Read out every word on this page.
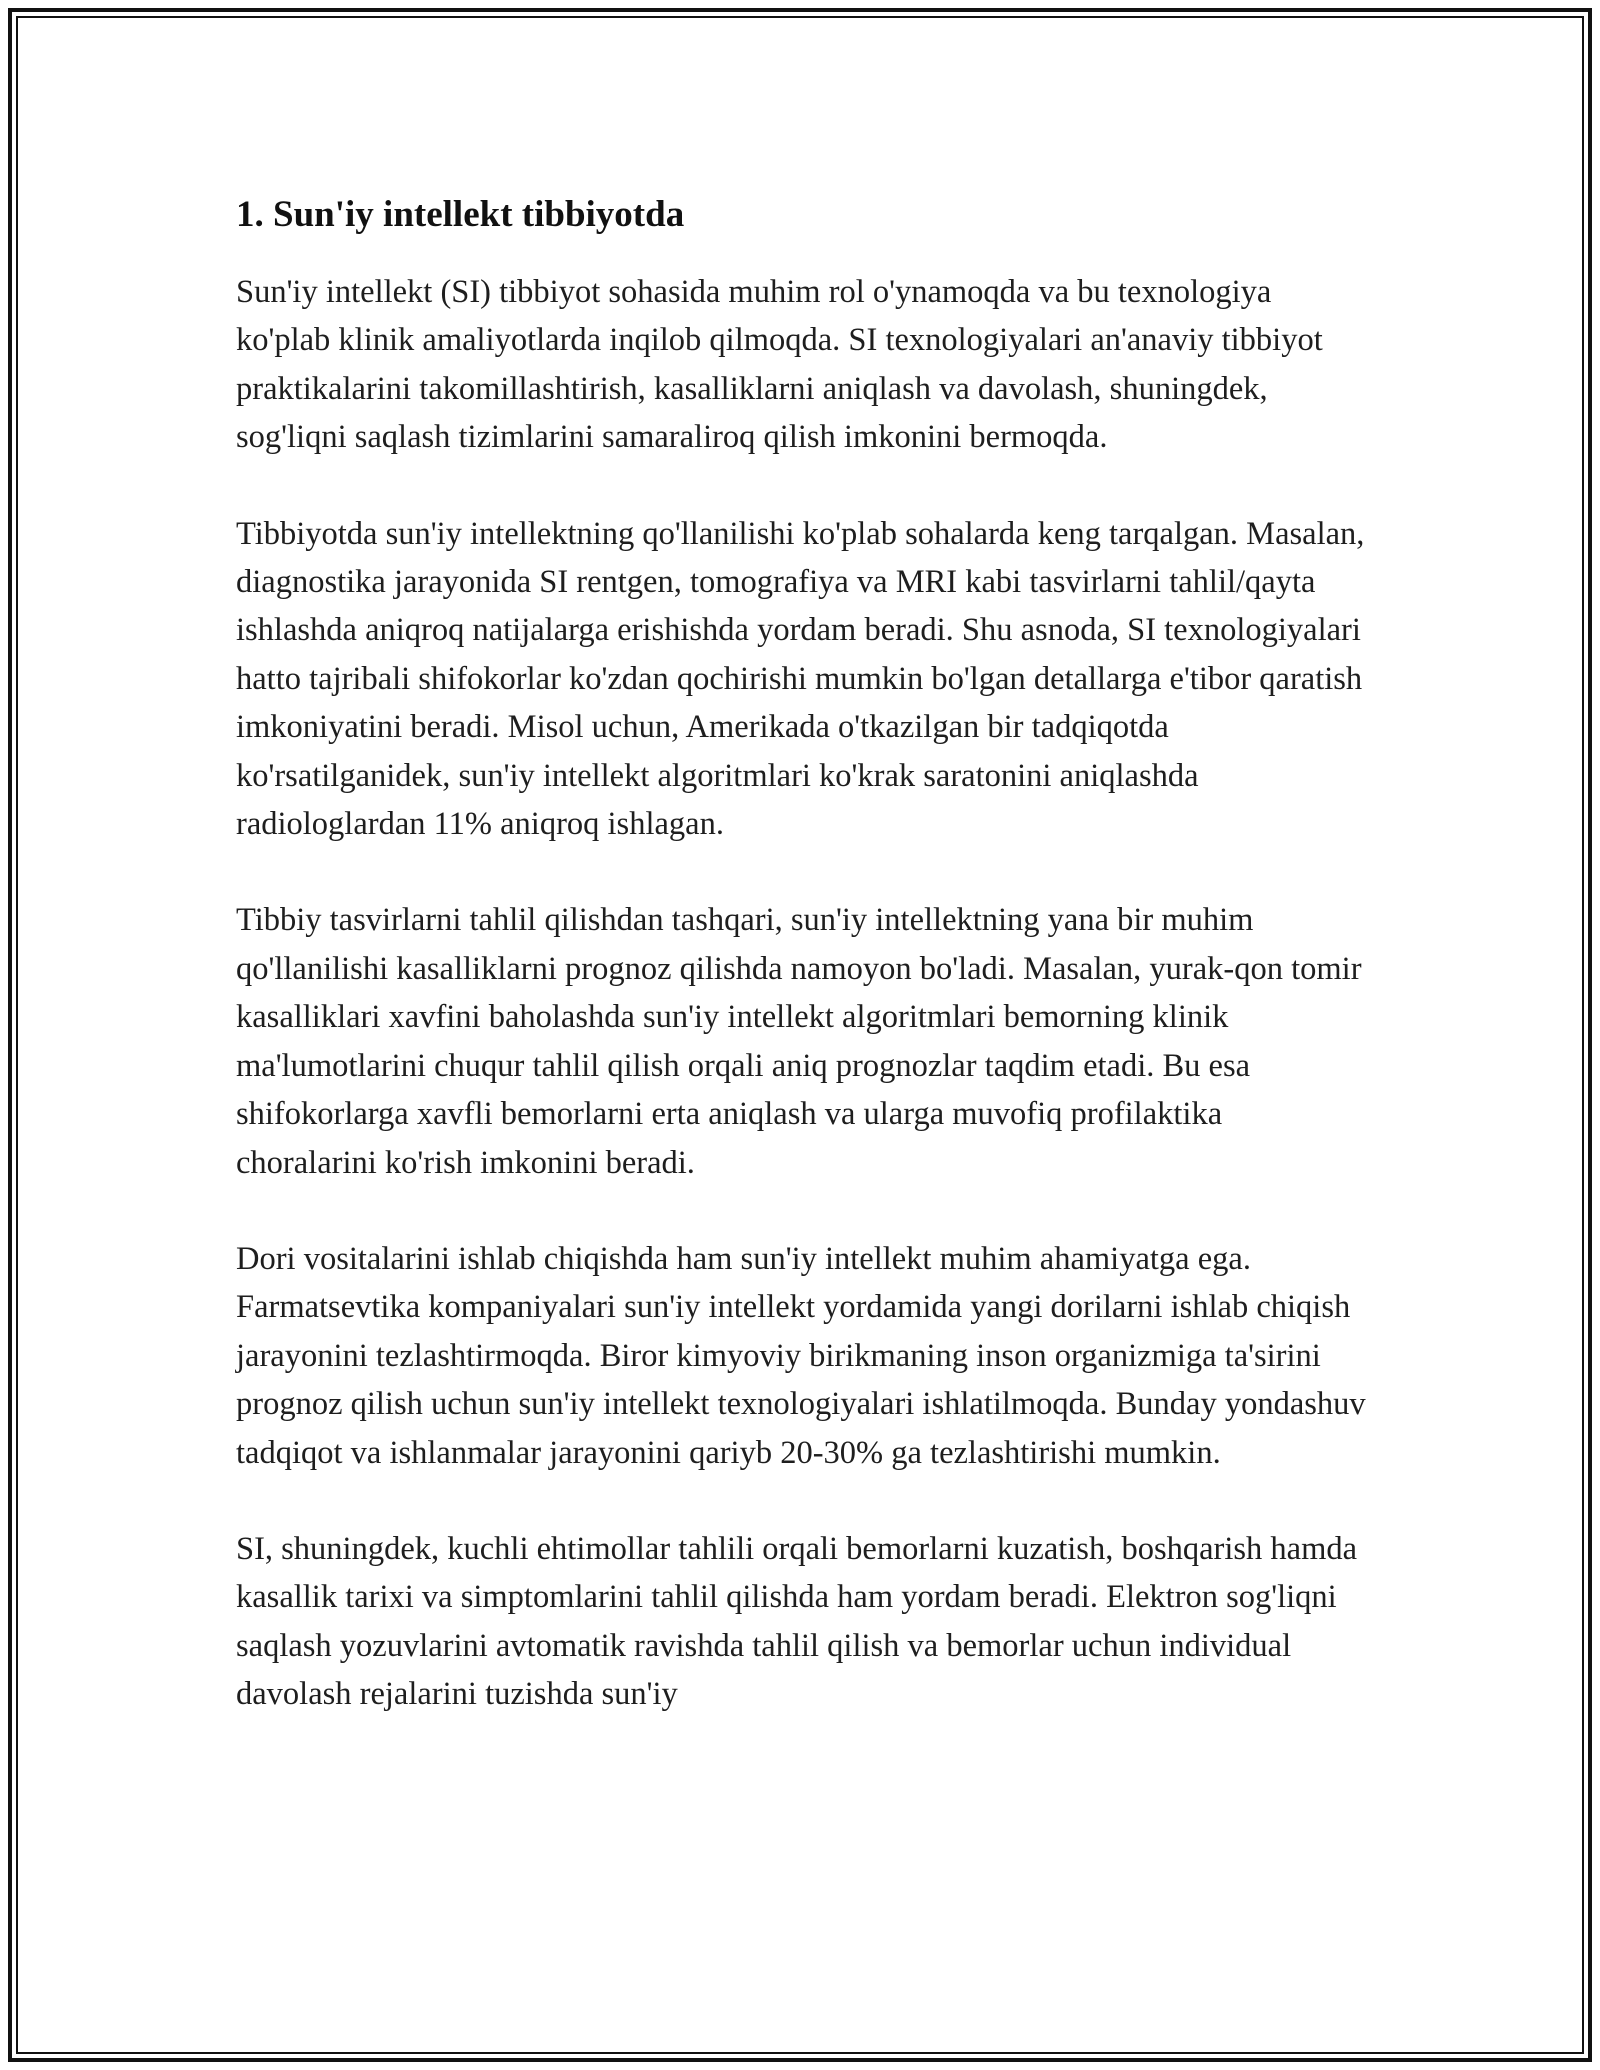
1. Sun'iy intellekt tibbiyotda

Sun'iy intellekt (SI) tibbiyot sohasida muhim rol o'ynamoqda va bu texnologiya ko'plab klinik amaliyotlarda inqilob qilmoqda. SI texnologiyalari an'anaviy tibbiyot praktikalarini takomillashtirish, kasalliklarni aniqlash va davolash, shuningdek, sog'liqni saqlash tizimlarini samaraliroq qilish imkonini bermoqda.

Tibbiyotda sun'iy intellektning qo'llanilishi ko'plab sohalarda keng tarqalgan. Masalan, diagnostika jarayonida SI rentgen, tomografiya va MRI kabi tasvirlarni tahlil/qayta ishlashda aniqroq natijalarga erishishda yordam beradi. Shu asnoda, SI texnologiyalari hatto tajribali shifokorlar ko'zdan qochirishi mumkin bo'lgan detallarga e'tibor qaratish imkoniyatini beradi. Misol uchun, Amerikada o'tkazilgan bir tadqiqotda ko'rsatilganidek, sun'iy intellekt algoritmlari ko'krak saratonini aniqlashda radiologlardan 11% aniqroq ishlagan.

Tibbiy tasvirlarni tahlil qilishdan tashqari, sun'iy intellektning yana bir muhim qo'llanilishi kasalliklarni prognoz qilishda namoyon bo'ladi. Masalan, yurak-qon tomir kasalliklari xavfini baholashda sun'iy intellekt algoritmlari bemorning klinik ma'lumotlarini chuqur tahlil qilish orqali aniq prognozlar taqdim etadi. Bu esa shifokorlarga xavfli bemorlarni erta aniqlash va ularga muvofiq profilaktika choralarini ko'rish imkonini beradi.

Dori vositalarini ishlab chiqishda ham sun'iy intellekt muhim ahamiyatga ega. Farmatsevtika kompaniyalari sun'iy intellekt yordamida yangi dorilarni ishlab chiqish jarayonini tezlashtirmoqda. Biror kimyoviy birikmaning inson organizmiga ta'sirini prognoz qilish uchun sun'iy intellekt texnologiyalari ishlatilmoqda. Bunday yondashuv tadqiqot va ishlanmalar jarayonini qariyb 20-30% ga tezlashtirishi mumkin.

SI, shuningdek, kuchli ehtimollar tahlili orqali bemorlarni kuzatish, boshqarish hamda kasallik tarixi va simptomlarini tahlil qilishda ham yordam beradi. Elektron sog'liqni saqlash yozuvlarini avtomatik ravishda tahlil qilish va bemorlar uchun individual davolash rejalarini tuzishda sun'iy
